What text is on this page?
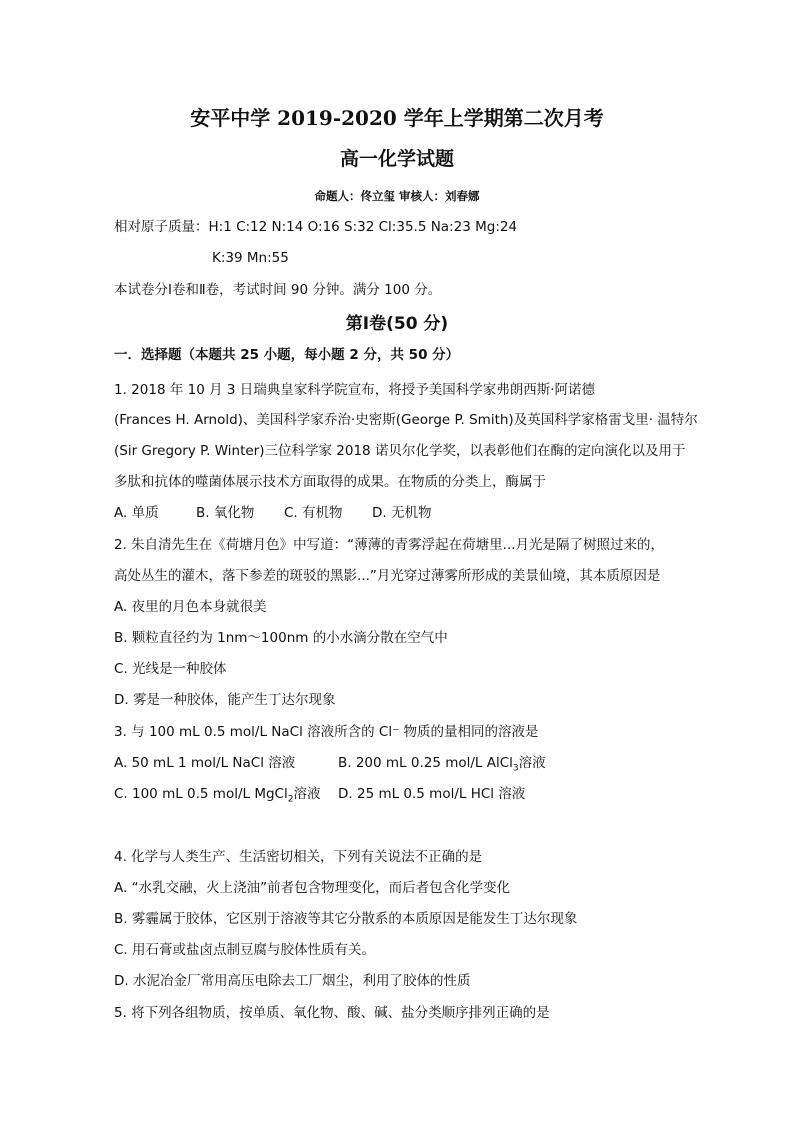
安平中学 2019-2020 学年上学期第二次月考
高一化学试题
命题人：佟立玺 审核人：刘春娜
相对原子质量：H:1 C:12 N:14 O:16 S:32 Cl:35.5 Na:23 Mg:24
K:39 Mn:55
本试卷分Ⅰ卷和Ⅱ卷，考试时间 90 分钟。满分 100 分。
第Ⅰ卷(50 分)
一．选择题（本题共 25 小题，每小题 2 分，共 50 分）
1. 2018 年 10 月 3 日瑞典皇家科学院宣布，将授予美国科学家弗朗西斯·阿诺德
(Frances H. Arnold)、美国科学家乔治·史密斯(George P. Smith)及英国科学家格雷戈里· 温特尔
(Sir Gregory P. Winter)三位科学家 2018 诺贝尔化学奖，以表彰他们在酶的定向演化以及用于
多肽和抗体的噬菌体展示技术方面取得的成果。在物质的分类上，酶属于
A. 单质	B. 氧化物 C. 有机物 D. 无机物
2. 朱自清先生在《荷塘月色》中写道：“薄薄的青雾浮起在荷塘里...月光是隔了树照过来的，
高处丛生的灌木，落下参差的斑驳的黑影...”月光穿过薄雾所形成的美景仙境，其本质原因是
A. 夜里的月色本身就很美
B. 颗粒直径约为 1nm～100nm 的小水滴分散在空气中
C. 光线是一种胶体
D. 雾是一种胶体，能产生丁达尔现象
3. 与 100 mL 0.5 mol/L NaCl 溶液所含的 Cl⁻ 物质的量相同的溶液是
A. 50 mL 1 mol/L NaCl 溶液	B. 200 mL 0.25 mol/L AlCl$_3$溶液
C. 100 mL 0.5 mol/L MgCl$_2$溶液 D. 25 mL 0.5 mol/L HCl 溶液
4. 化学与人类生产、生活密切相关，下列有关说法不正确的是
A. “水乳交融，火上浇油”前者包含物理变化，而后者包含化学变化
B. 雾霾属于胶体，它区别于溶液等其它分散系的本质原因是能发生丁达尔现象
C. 用石膏或盐卤点制豆腐与胶体性质有关。
D. 水泥冶金厂常用高压电除去工厂烟尘，利用了胶体的性质
5. 将下列各组物质，按单质、氧化物、酸、碱、盐分类顺序排列正确的是
